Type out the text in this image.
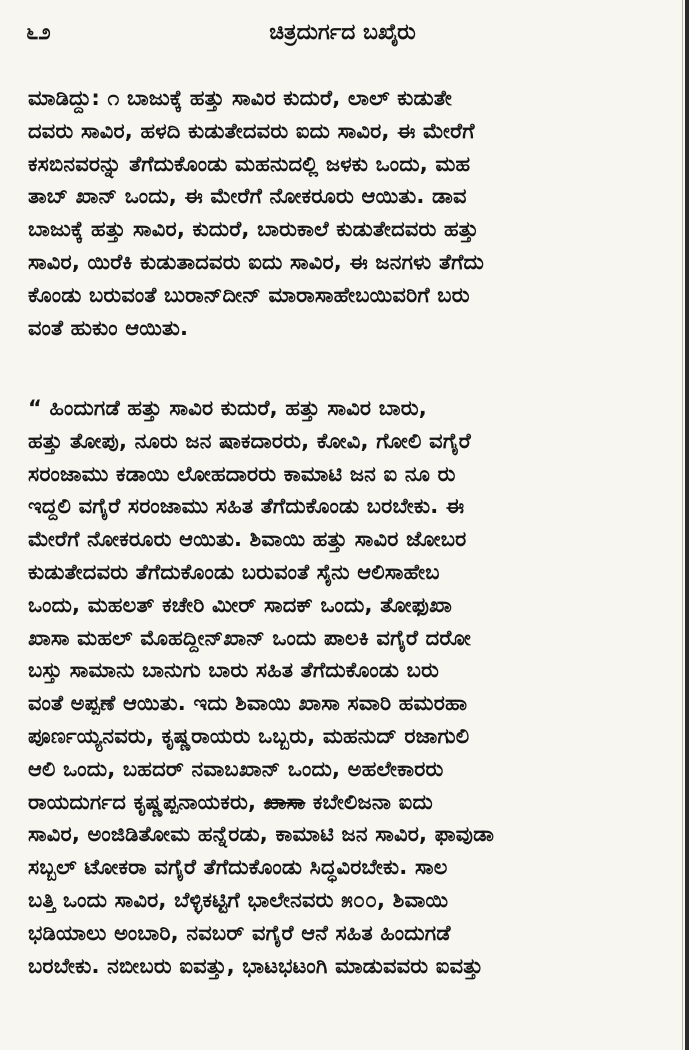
೬೨	ಚಿತ್ರದುರ್ಗದ ಬಖೈರು
ಮಾಡಿದ್ದು: ೧ ಬಾಜುಕ್ಕೆ ಹತ್ತು ಸಾವಿರ ಕುದುರೆ, ಲಾಲ್ ಕುಡುತೇ
ದವರು ಸಾವಿರ, ಹಳದಿ ಕುಡುತೇದವರು ಐದು ಸಾವಿರ, ಈ ಮೇರೆಗೆ
ಕಸಬಿನವರನ್ನು ತೆಗೆದುಕೊಂಡು ಮಹನುದಲ್ಲಿ ಜಳಕು ಒಂದು, ಮಹ
ತಾಬ್ ಖಾನ್ ಒಂದು, ಈ ಮೇರೆಗೆ ನೋಕರೂರು ಆಯಿತು. ಡಾವ
ಬಾಜುಕ್ಕೆ ಹತ್ತು ಸಾವಿರ, ಕುದುರೆ, ಬಾರುಕಾಲೆ ಕುಡುತೇದವರು ಹತ್ತು
ಸಾವಿರ, ಯಿರೆಕಿ ಕುಡುತಾದವರು ಐದು ಸಾವಿರ, ಈ ಜನಗಳು ತೆಗೆದು
ಕೊಂಡು ಬರುವಂತೆ ಬುರಾನ್‌ದೀನ್ ಮಾರಾಸಾಹೇಬಯಿವರಿಗೆ ಬರು
ವಂತೆ ಹುಕುಂ ಆಯಿತು.
“ ಹಿಂದುಗಡೆ ಹತ್ತು ಸಾವಿರ ಕುದುರೆ, ಹತ್ತು ಸಾವಿರ ಬಾರು,
ಹತ್ತು ತೋಪು, ನೂರು ಜನ ಷಾಕದಾರರು, ಕೋವಿ, ಗೋಲಿ ವಗೈರೆ
ಸರಂಜಾಮು ಕಡಾಯಿ ಲೋಹದಾರರು ಕಾಮಾಟಿ ಜನ ಐ ನೂ ರು
ಇದ್ದಲಿ ವಗೈರೆ ಸರಂಜಾಮು ಸಹಿತ ತೆಗೆದುಕೊಂಡು ಬರಬೇಕು. ಈ
ಮೇರೆಗೆ ನೋಕರೂರು ಆಯಿತು. ಶಿವಾಯಿ ಹತ್ತು ಸಾವಿರ ಜೋಬರ
ಕುಡುತೇದವರು ತೆಗೆದುಕೊಂಡು ಬರುವಂತೆ ಸೈನು ಆಲಿಸಾಹೇಬ
ಒಂದು, ಮಹಲತ್ ಕಚೇರಿ ಮೀರ್ ಸಾದಕ್ ಒಂದು, ತೋಫುಖಾ
ಖಾಸಾ ಮಹಲ್ ಮೊಹದ್ದೀನ್‌ಖಾನ್ ಒಂದು ಪಾಲಕಿ ವಗೈರೆ ದರೋ
ಬಸ್ತು ಸಾಮಾನು ಬಾನುಗು ಬಾರು ಸಹಿತ ತೆಗೆದುಕೊಂಡು ಬರು
ವಂತೆ ಅಪ್ಪಣೆ ಆಯಿತು. ಇದು ಶಿವಾಯಿ ಖಾಸಾ ಸವಾರಿ ಹಮರಹಾ
ಪೂರ್ಣಯ್ಯನವರು, ಕೃಷ್ಣರಾಯರು ಒಬ್ಬರು, ಮಹನುದ್ ರಜಾಗುಲಿ
ಆಲಿ ಒಂದು, ಬಹದರ್ ನವಾಬಖಾನ್ ಒಂದು, ಅಹಲೇಕಾರರು
ರಾಯದುರ್ಗದ ಕೃಷ್ಣಪ್ಪನಾಯಕರು, ಖಾಸಾ ಕಬೇಲಿಜನಾ ಐದು
ಸಾವಿರ, ಅಂಜಿಡಿತೋಮ ಹನ್ನೆರಡು, ಕಾಮಾಟಿ ಜನ ಸಾವಿರ, ಫಾವುಡಾ
ಸಬ್ಬಲ್ ಟೋಕರಾ ವಗೈರೆ ತೆಗೆದುಕೊಂಡು ಸಿದ್ಧವಿರಬೇಕು. ಸಾಲ
ಬತ್ತಿ ಒಂದು ಸಾವಿರ, ಬೆಳ್ಳಿಕಟ್ಟಿಗೆ ಭಾಲೇನವರು ೫೦೦, ಶಿವಾಯಿ
ಭಡಿಯಾಲು ಅಂಬಾರಿ, ನವಬರ್ ವಗೈರೆ ಆನೆ ಸಹಿತ ಹಿಂದುಗಡೆ
ಬರಬೇಕು. ನಬೀಬರು ಐವತ್ತು, ಭಾಟಭಟಂಗಿ ಮಾಡುವವರು ಐವತ್ತು
